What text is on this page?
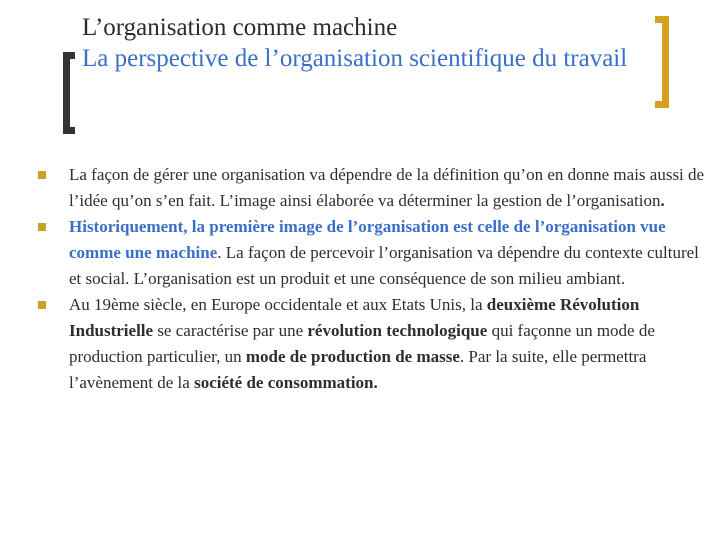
L’organisation comme machine
La perspective de l’organisation scientifique du travail
La façon de gérer une organisation va dépendre de la définition qu’on en donne mais aussi de l’idée qu’on s’en fait. L’image ainsi élaborée va déterminer la gestion de l’organisation.
Historiquement, la première image de l’organisation est celle de l’organisation vue comme une machine. La façon de percevoir l’organisation va dépendre du contexte culturel et social. L’organisation est un produit et une conséquence de son milieu ambiant.
Au 19ème siècle, en Europe occidentale et aux Etats Unis, la deuxième Révolution Industrielle se caractérise par une révolution technologique qui façonne un mode de production particulier, un mode de production de masse. Par la suite, elle permettra l’avènement de la société de consommation.
